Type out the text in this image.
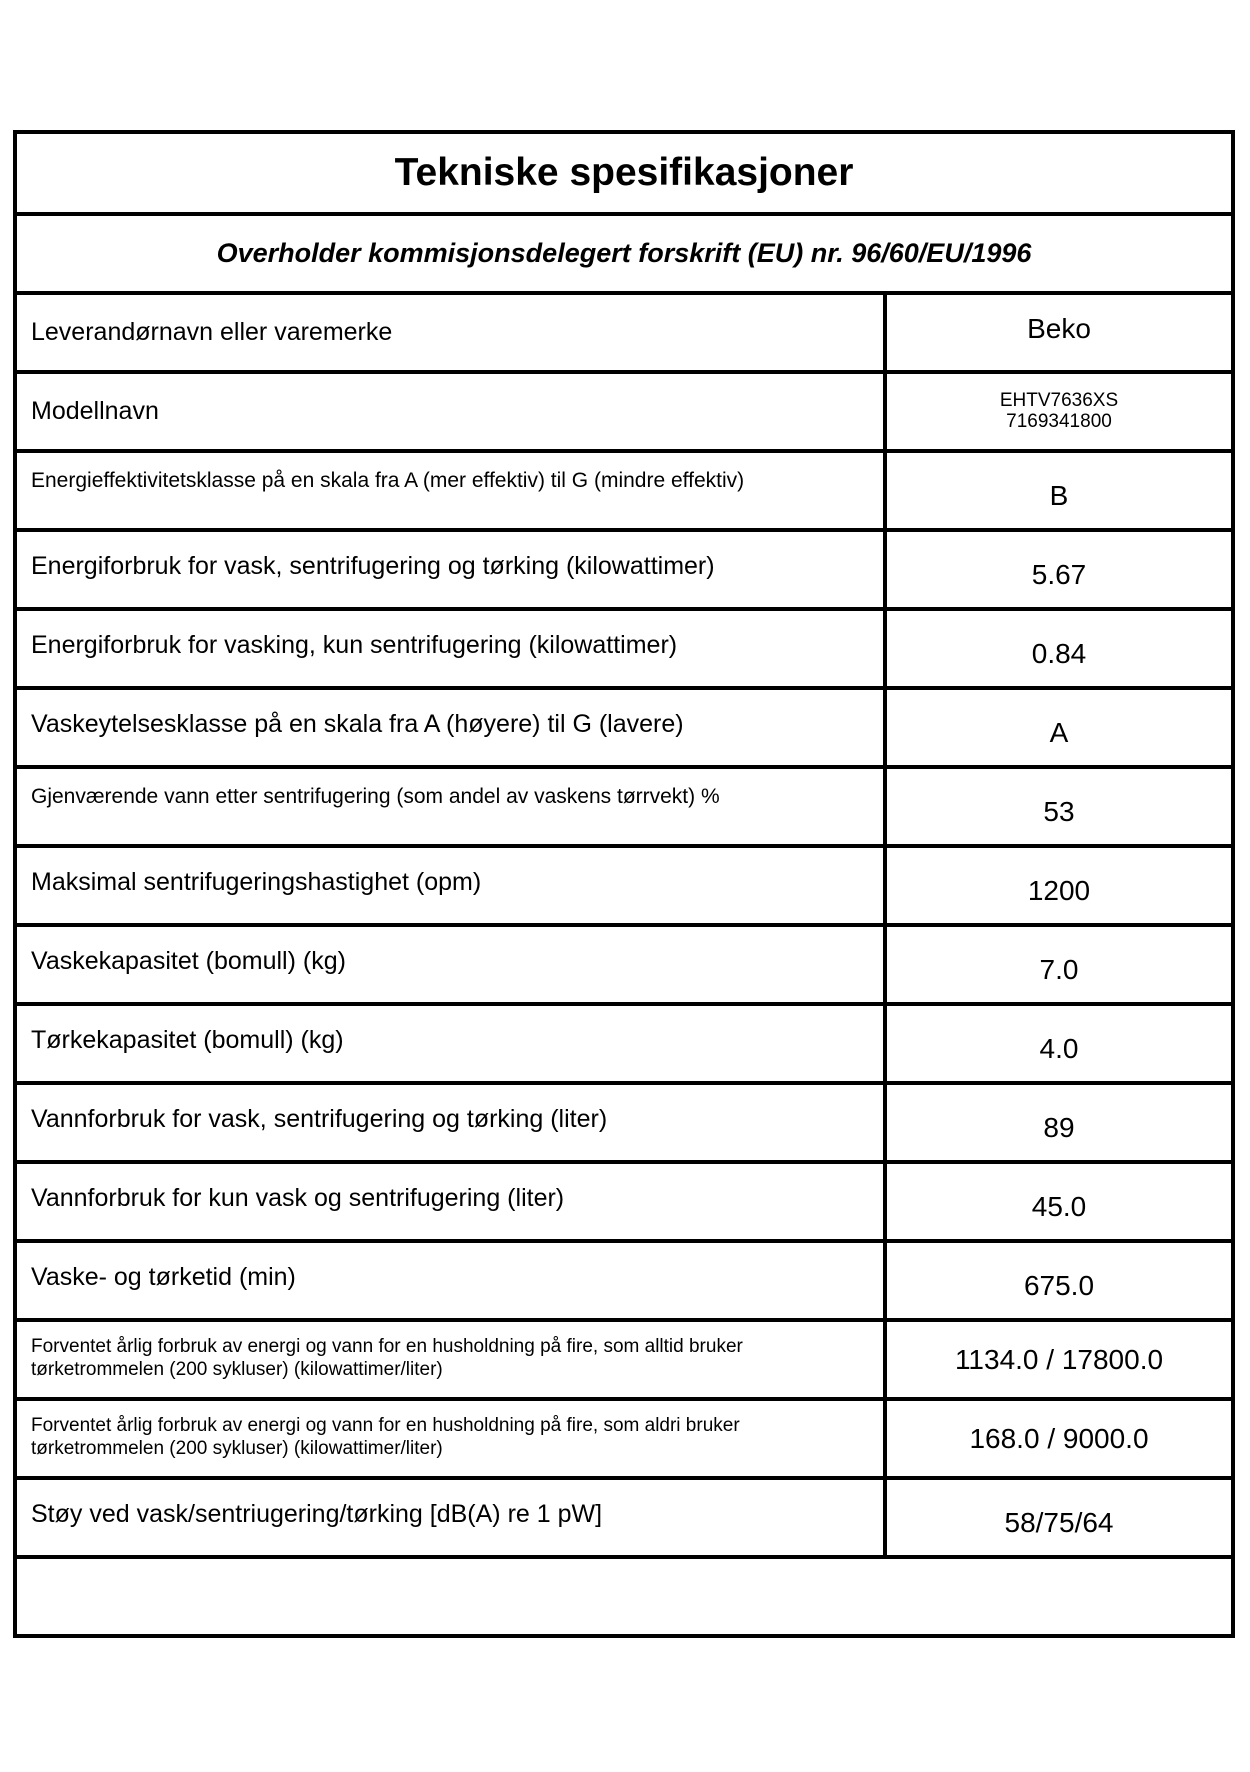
Tekniske spesifikasjoner
Overholder kommisjonsdelegert forskrift (EU) nr. 96/60/EU/1996
Leverandørnavn eller varemerke	Beko
Modellnavn	EHTV7636XS
7169341800
Energieffektivitetsklasse på en skala fra A (mer effektiv) til G (mindre effektiv)	B
Energiforbruk for vask, sentrifugering og tørking (kilowattimer)	5.67
Energiforbruk for vasking, kun sentrifugering (kilowattimer)	0.84
Vaskeytelsesklasse på en skala fra A (høyere) til G (lavere)	A
Gjenværende vann etter sentrifugering (som andel av vaskens tørrvekt) %	53
Maksimal sentrifugeringshastighet (opm)	1200
Vaskekapasitet (bomull) (kg)	7.0
Tørkekapasitet (bomull) (kg)	4.0
Vannforbruk for vask, sentrifugering og tørking (liter)	89
Vannforbruk for kun vask og sentrifugering (liter)	45.0
Vaske- og tørketid (min)	675.0
Forventet årlig forbruk av energi og vann for en husholdning på fire, som alltid bruker
tørketrommelen (200 sykluser) (kilowattimer/liter)	1134.0 / 17800.0
Forventet årlig forbruk av energi og vann for en husholdning på fire, som aldri bruker
tørketrommelen (200 sykluser) (kilowattimer/liter)	168.0 / 9000.0
Støy ved vask/sentriugering/tørking [dB(A) re 1 pW]	58/75/64
